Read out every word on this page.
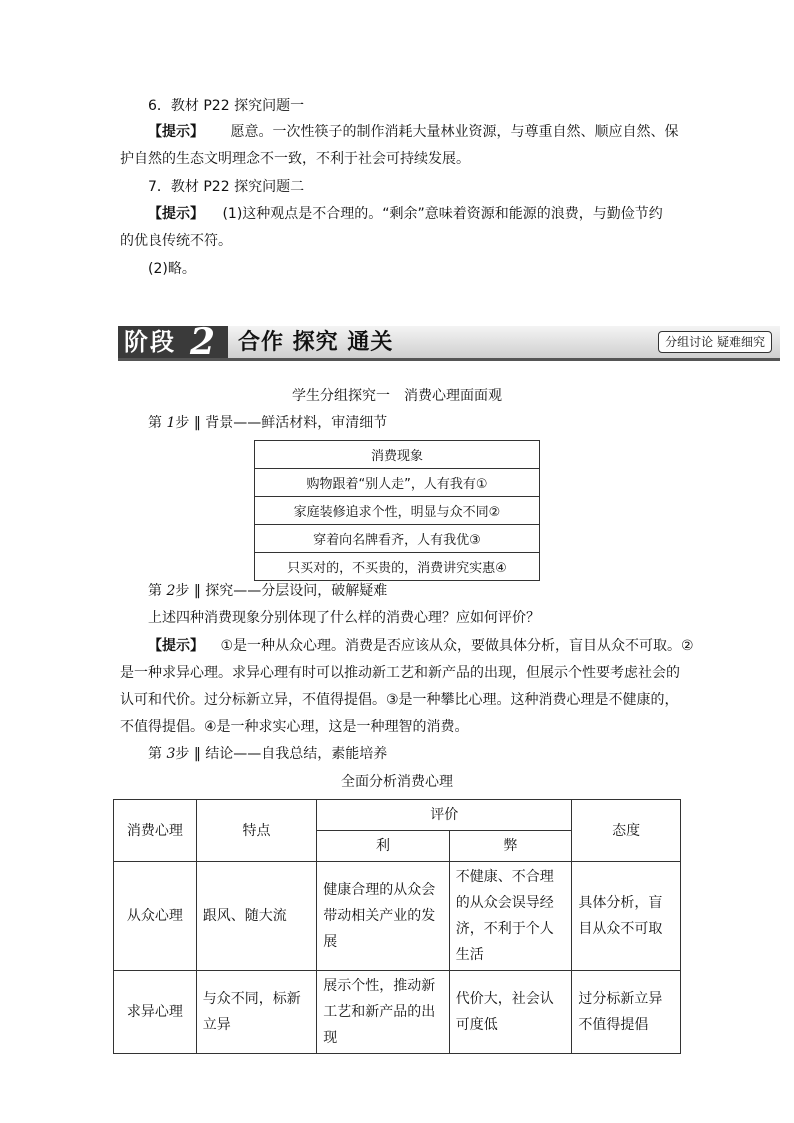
6．教材 P22 探究问题一
【提示】 愿意。一次性筷子的制作消耗大量林业资源，与尊重自然、顺应自然、保
护自然的生态文明理念不一致，不利于社会可持续发展。
7．教材 P22 探究问题二
【提示】 (1)这种观点是不合理的。“剩余”意味着资源和能源的浪费，与勤俭节约
的优良传统不符。
(2)略。
阶段 2 合作 探究 通关	分组讨论 疑难细究
学生分组探究一　消费心理面面观
第 1步 ‖ 背景——鲜活材料，审清细节
消费现象
购物跟着“别人走”，人有我有①
家庭装修追求个性，明显与众不同②
穿着向名牌看齐，人有我优③
只买对的，不买贵的，消费讲究实惠④
第 2步 ‖ 探究——分层设问，破解疑难
上述四种消费现象分别体现了什么样的消费心理？应如何评价？
【提示】 ①是一种从众心理。消费是否应该从众，要做具体分析，盲目从众不可取。②
是一种求异心理。求异心理有时可以推动新工艺和新产品的出现，但展示个性要考虑社会的
认可和代价。过分标新立异，不值得提倡。③是一种攀比心理。这种消费心理是不健康的，
不值得提倡。④是一种求实心理，这是一种理智的消费。
第 3步 ‖ 结论——自我总结，素能培养
全面分析消费心理
消费心理	特点	评价		态度
		利	弊	
从众心理	跟风、随大流	健康合理的从众会带动相关产业的发展	不健康、不合理的从众会误导经济，不利于个人生活	具体分析，盲目从众不可取
求异心理	与众不同，标新立异	展示个性，推动新工艺和新产品的出现	代价大，社会认可度低	过分标新立异不值得提倡
